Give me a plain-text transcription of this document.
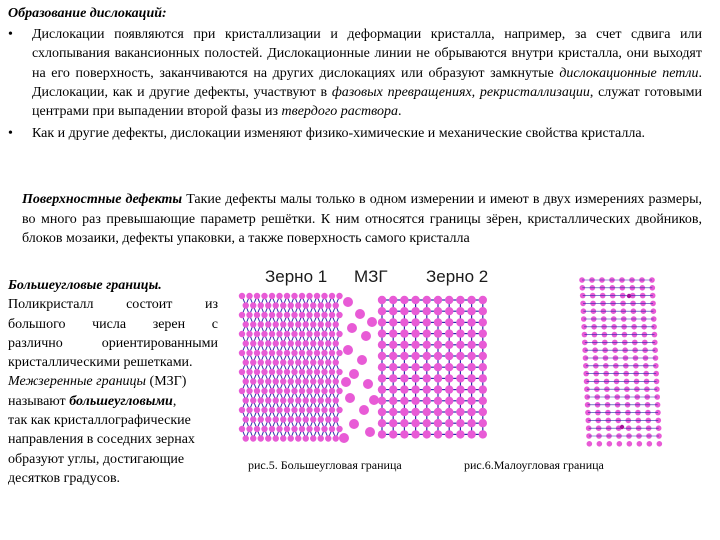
Образование дислокаций:
• Дислокации появляются при кристаллизации и деформации кристалла, например, за счет сдвига или схлопывания вакансионных полостей. Дислокационные линии не обрываются внутри кристалла, они выходят на его поверхность, заканчиваются на других дислокациях или образуют замкнутые дислокационные петли. Дислокации, как и другие дефекты, участвуют в фазовых превращениях, рекристаллизации, служат готовыми центрами при выпадении второй фазы из твердого раствора.
• Как и другие дефекты, дислокации изменяют физико-химические и механические свойства кристалла.
Поверхностные дефекты Такие дефекты малы только в одном измерении и имеют в двух измерениях размеры, во много раз превышающие параметр решётки. К ним относятся границы зёрен, кристаллических двойников, блоков мозаики, дефекты упаковки, а также поверхность самого кристалла
Большеугловые границы.
Поликристалл состоит из
большого числа зерен с
различно ориентированными
кристаллическими решетками.
Межзеренные границы (МЗГ)
называют большеугловыми,
так как кристаллографические
направления в соседних зернах
образуют углы, достигающие
десятков градусов.
Зерно 1 МЗГ Зерно 2
рис.5. Большеугловая граница	рис.6.Малоугловая граница
